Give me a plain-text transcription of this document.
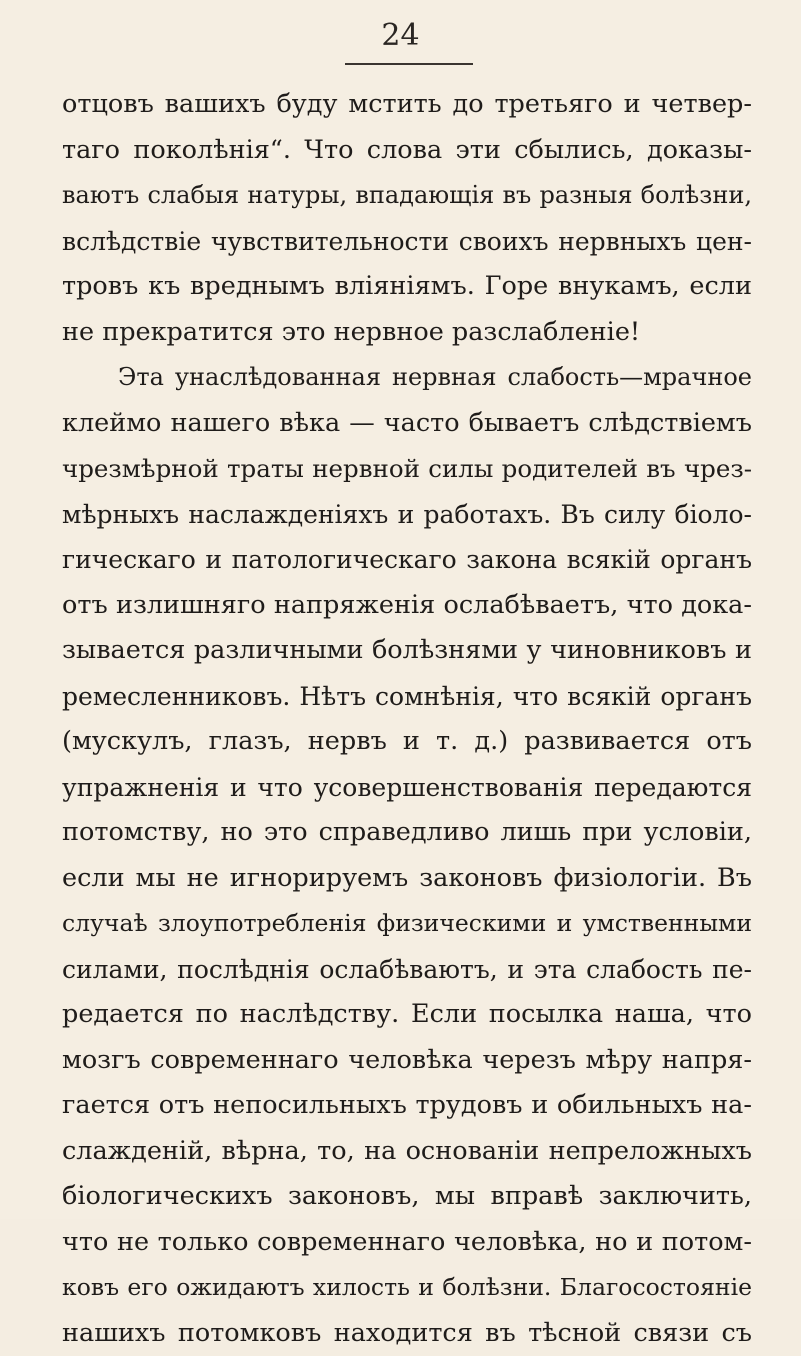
24
отцовъ вашихъ буду мстить до третьяго и четвер-
таго поколѣнія“. Что слова эти сбылись, доказы-
ваютъ слабыя натуры, впадающія въ разныя болѣзни,
вслѣдствіе чувствительности своихъ нервныхъ цен-
тровъ къ вреднымъ вліяніямъ. Горе внукамъ, если
не прекратится это нервное разслабленіе!
Эта унаслѣдованная нервная слабость—мрачное
клеймо нашего вѣка — часто бываетъ слѣдствіемъ
чрезмѣрной траты нервной силы родителей въ чрез-
мѣрныхъ наслажденіяхъ и работахъ. Въ силу біоло-
гическаго и патологическаго закона всякій органъ
отъ излишняго напряженія ослабѣваетъ, что дока-
зывается различными болѣзнями у чиновниковъ и
ремесленниковъ. Нѣтъ сомнѣнія, что всякій органъ
(мускулъ, глазъ, нервъ и т. д.) развивается отъ
упражненія и что усовершенствованія передаются
потомству, но это справедливо лишь при условіи,
если мы не игнорируемъ законовъ физіологіи. Въ
случаѣ злоупотребленія физическими и умственными
силами, послѣднія ослабѣваютъ, и эта слабость пе-
редается по наслѣдству. Если посылка наша, что
мозгъ современнаго человѣка черезъ мѣру напря-
гается отъ непосильныхъ трудовъ и обильныхъ на-
слажденій, вѣрна, то, на основаніи непреложныхъ
біологическихъ законовъ, мы вправѣ заключить,
что не только современнаго человѣка, но и потом-
ковъ его ожидаютъ хилость и болѣзни. Благосостояніе
нашихъ потомковъ находится въ тѣсной связи съ
